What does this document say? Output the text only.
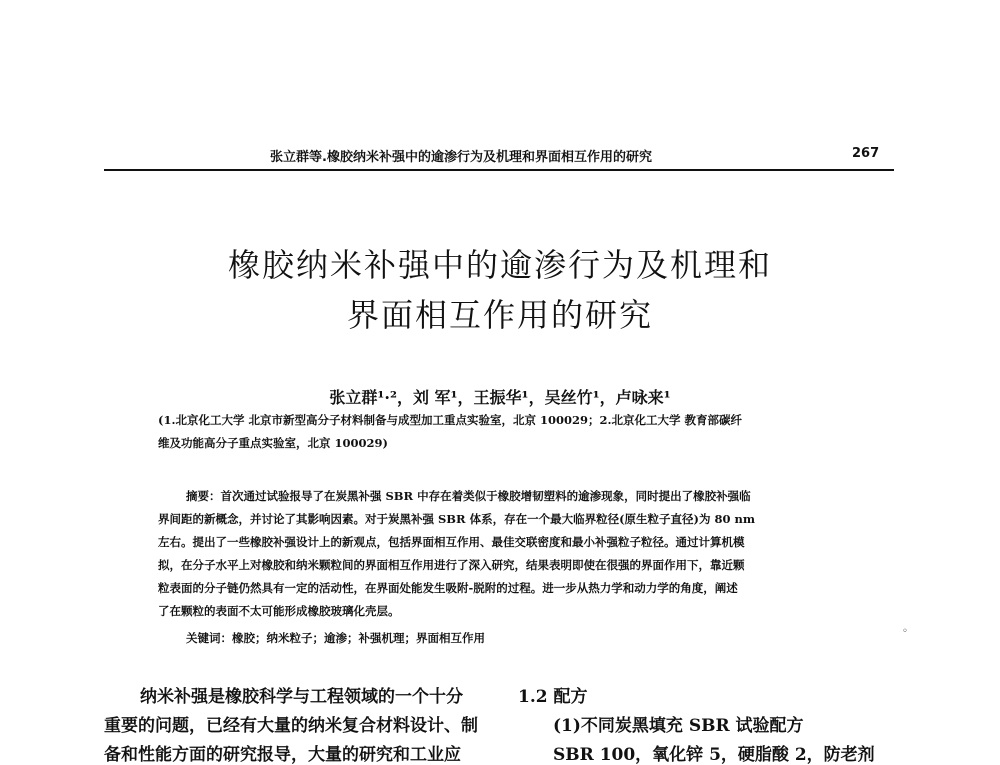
张立群等.橡胶纳米补强中的逾渗行为及机理和界面相互作用的研究	267
橡胶纳米补强中的逾渗行为及机理和
界面相互作用的研究
张立群¹·²，刘 军¹，王振华¹，吴丝竹¹，卢咏来¹
(1.北京化工大学 北京市新型高分子材料制备与成型加工重点实验室，北京 100029；2.北京化工大学 教育部碳纤
维及功能高分子重点实验室，北京 100029)
摘要：首次通过试验报导了在炭黑补强 SBR 中存在着类似于橡胶增韧塑料的逾渗现象，同时提出了橡胶补强临
界间距的新概念，并讨论了其影响因素。对于炭黑补强 SBR 体系，存在一个最大临界粒径(原生粒子直径)为 80 nm
左右。提出了一些橡胶补强设计上的新观点，包括界面相互作用、最佳交联密度和最小补强粒子粒径。通过计算机模
拟，在分子水平上对橡胶和纳米颗粒间的界面相互作用进行了深入研究，结果表明即使在很强的界面作用下，靠近颗
粒表面的分子链仍然具有一定的活动性，在界面处能发生吸附-脱附的过程。进一步从热力学和动力学的角度，阐述
了在颗粒的表面不太可能形成橡胶玻璃化壳层。
关键词：橡胶；纳米粒子；逾渗；补强机理；界面相互作用	◦
纳米补强是橡胶科学与工程领域的一个十分
重要的问题，已经有大量的纳米复合材料设计、制
备和性能方面的研究报导，大量的研究和工业应
1.2 配方
(1)不同炭黑填充 SBR 试验配方
SBR 100，氧化锌 5，硬脂酸 2，防老剂
